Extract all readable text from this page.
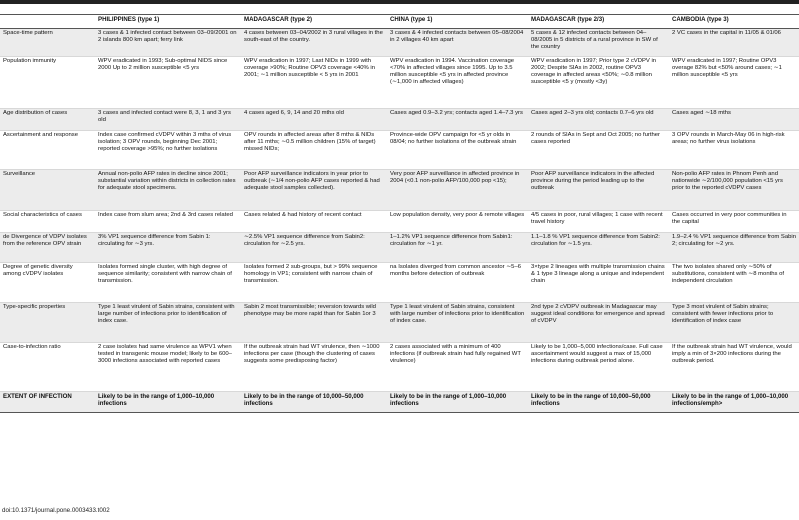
	PHILIPPINES (type 1)	MADAGASCAR (type 2)	CHINA (type 1)	MADAGASCAR (type 2/3)	CAMBODIA (type 3)
Space-time pattern	3 cases & 1 infected contact between 03–09/2001 on 2 islands 800 km apart; ferry link	4 cases between 03–04/2002 in 3 rural villages in the south-east of the country.	3 cases & 4 infected contacts between 05–08/2004 in 2 villages 40 km apart	5 cases & 12 infected contacts between 04–08/2005 in 5 districts of a rural province in SW of the country	2 VC cases in the capital in 11/05 & 01/06
Population immunity	WPV eradicated in 1993; Sub-optimal NIDS since 2000 Up to 2 million susceptible <5 yrs	WPV eradication in 1997; Last NIDs in 1999 with coverage >90%; Routine OPV3 coverage <40% in 2001; ∼1 million susceptible < 5 yrs in 2001	WPV eradication in 1994. Vaccination coverage <70% in affected villages since 1995. Up to 3.5 million susceptible <5 yrs in affected province (∼1,000 in affected villages)	WPV eradication in 1997; Prior type 2 cVDPV in 2002; Despite SIAs in 2002, routine OPV3 coverage in affected areas <50%; ∼0.8 million susceptible <5 y (mostly <3y)	WPV eradicated in 1997; Routine OPV3 overage 82% but <50% around cases; ∼1 million susceptible <5 yrs
Age distribution of cases	3 cases and infected contact were 8, 3, 1 and 3 yrs old	4 cases aged 6, 9, 14 and 20 mths old	Cases aged 0.9–3.2 yrs; contacts aged 1.4–7.3 yrs	Cases aged 2–3 yrs old; contacts 0.7–6 yrs old	Cases aged ∼18 mths
Ascertainment and response	Index case confirmed cVDPV within 3 mths of virus isolation; 3 OPV rounds, beginning Dec 2001; reported coverage >95%; no further isolations	OPV rounds in affected areas after 8 mths & NIDs after 11 mths; ∼0.5 million children (15% of target) missed NIDs;	Province-wide OPV campaign for <5 yr olds in 08/04; no further isolations of the outbreak strain	2 rounds of SIAs in Sept and Oct 2005; no further cases reported	3 OPV rounds in March-May 06 in high-risk areas; no further virus isolations
Surveillance	Annual non-polio AFP rates in decline since 2001; substantial variation within districts in collection rates for adequate stool specimens.	Poor AFP surveillance indicators in year prior to outbreak (∼1/4 non-polio AFP cases reported & had adequate stool samples collected).	Very poor AFP surveillance in affected province in 2004 (<0.1 non-polio AFP/100,000 pop <15);	Poor AFP surveillance indicators in the affected province during the period leading up to the outbreak	Non-polio AFP rates in Phnom Penh and nationwide ∼2/100,000 population <15 yrs prior to the reported cVDPV cases
Social characteristics of cases	Index case from slum area; 2nd & 3rd cases related	Cases related & had history of recent contact	Low population density, very poor & remote villages	4/5 cases in poor, rural villages; 1 case with recent travel history	Cases occurred in very poor communities in the capital
de Divergence of VDPV isolates from the reference OPV strain	3% VP1 sequence difference from Sabin 1: circulating for ∼3 yrs.	∼2.5% VP1 sequence difference from Sabin2: circulation for ∼2.5 yrs.	1–1.2% VP1 sequence difference from Sabin1: circulation for ∼1 yr.	1.1–1.8 % VP1 sequence difference from Sabin2: circulation for ∼1.5 yrs.	1.9–2.4 % VP1 sequence difference from Sabin 2; circulating for ∼2 yrs.
Degree of genetic diversity among cVDPV isolates	Isolates formed single cluster, with high degree of sequence similarity; consistent with narrow chain of transmission.	Isolates formed 2 sub-groups, but > 99% sequence homology in VP1; consistent with narrow chain of transmission.	na Isolates diverged from common ancestor ∼5–6 months before detection of outbreak	3×type 2 lineages with multiple transmission chains & 1 type 3 lineage along a unique and independent chain	The two isolates shared only ∼50% of substitutions, consistent with ∼8 months of independent circulation
Type-specific properties	Type 1 least virulent of Sabin strains, consistent with large number of infections prior to identification of index case.	Sabin 2 most transmissible; reversion towards wild phenotype may be more rapid than for Sabin 1or 3	Type 1 least virulent of Sabin strains, consistent with large number of infections prior to identification of index case.	2nd type 2 cVDPV outbreak in Madagascar may suggest ideal conditions for emergence and spread of cVDPV	Type 3 most virulent of Sabin strains; consistent with fewer infections prior to identification of index case
Case-to-infection ratio	2 case isolates had same virulence as WPV1 when tested in transgenic mouse model; likely to be 600–3000 infections associated with reported cases	If the outbreak strain had WT virulence, then ∼1000 infections per case (though the clustering of cases suggests some predisposing factor)	2 cases associated with a minimum of 400 infections (if outbreak strain had fully regained WT virulence)	Likely to be 1,000–5,000 infections/case. Full case ascertainment would suggest a max of 15,000 infections during outbreak period alone.	If the outbreak strain had WT virulence, would imply a min of 3×200 infections during the outbreak period.
EXTENT OF INFECTION	Likely to be in the range of 1,000–10,000 infections	Likely to be in the range of 10,000–50,000 infections	Likely to be in the range of 1,000–10,000 infections	Likely to be in the range of 10,000–50,000 infections	Likely to be in the range of 1,000–10,000 infections/emph>
doi:10.1371/journal.pone.0003433.t002
